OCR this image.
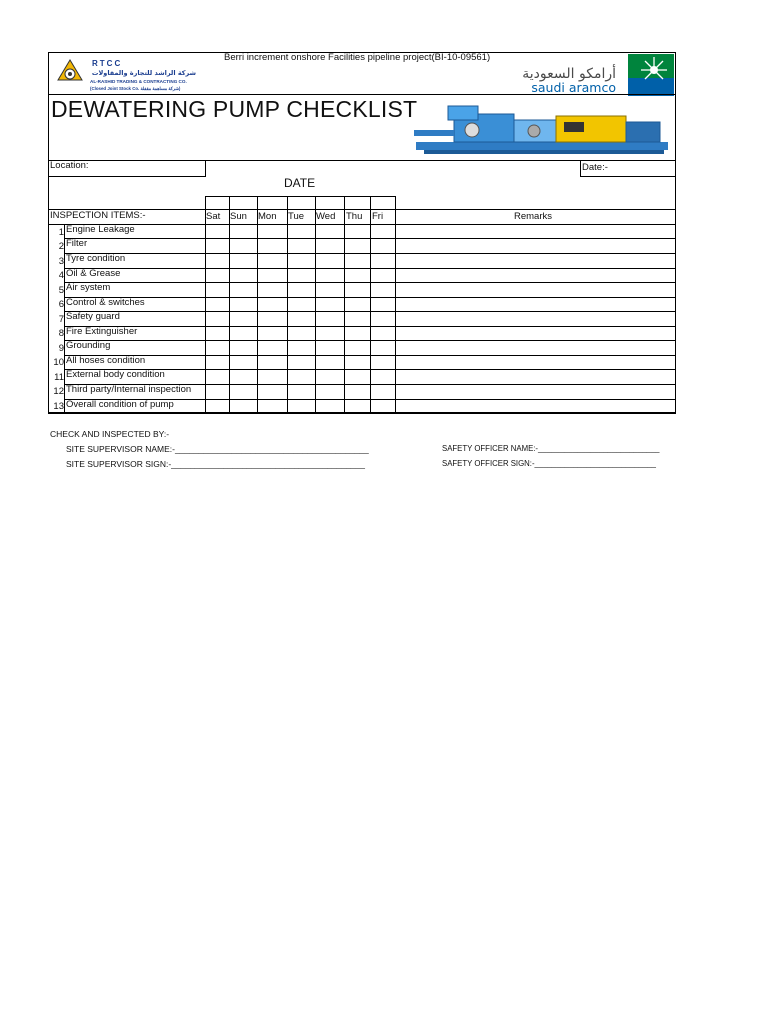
Berri increment onshore Facilities pipeline project(BI-10-09561)
RTCC
شركة الراشد للتجارة والمقاولات
AL-RASHID TRADING & CONTRACTING CO.
(Closed Joint Stock Co. شركة مساهمة مقفلة)
أرامكو السعودية
saudi aramco
DEWATERING PUMP CHECKLIST
Location:	Date:-
DATE
INSPECTION ITEMS:-	Sat Sun Mon Tue Wed Thu Fri	Remarks
1 Engine Leakage
2 Filter
3 Tyre condition
4 Oil & Grease
5 Air system
6 Control & switches
7 Safety guard
8 Fire Extinguisher
9 Grounding
10 All hoses condition
11 External body condition
12 Third party/Internal inspection
13 Overall condition of pump
CHECK AND INSPECTED BY:-
SITE SUPERVISOR NAME:-_________________________________________
SITE SUPERVISOR SIGN:-_________________________________________
SAFETY OFFICER NAME:-____________________________
SAFETY OFFICER SIGN:-____________________________
